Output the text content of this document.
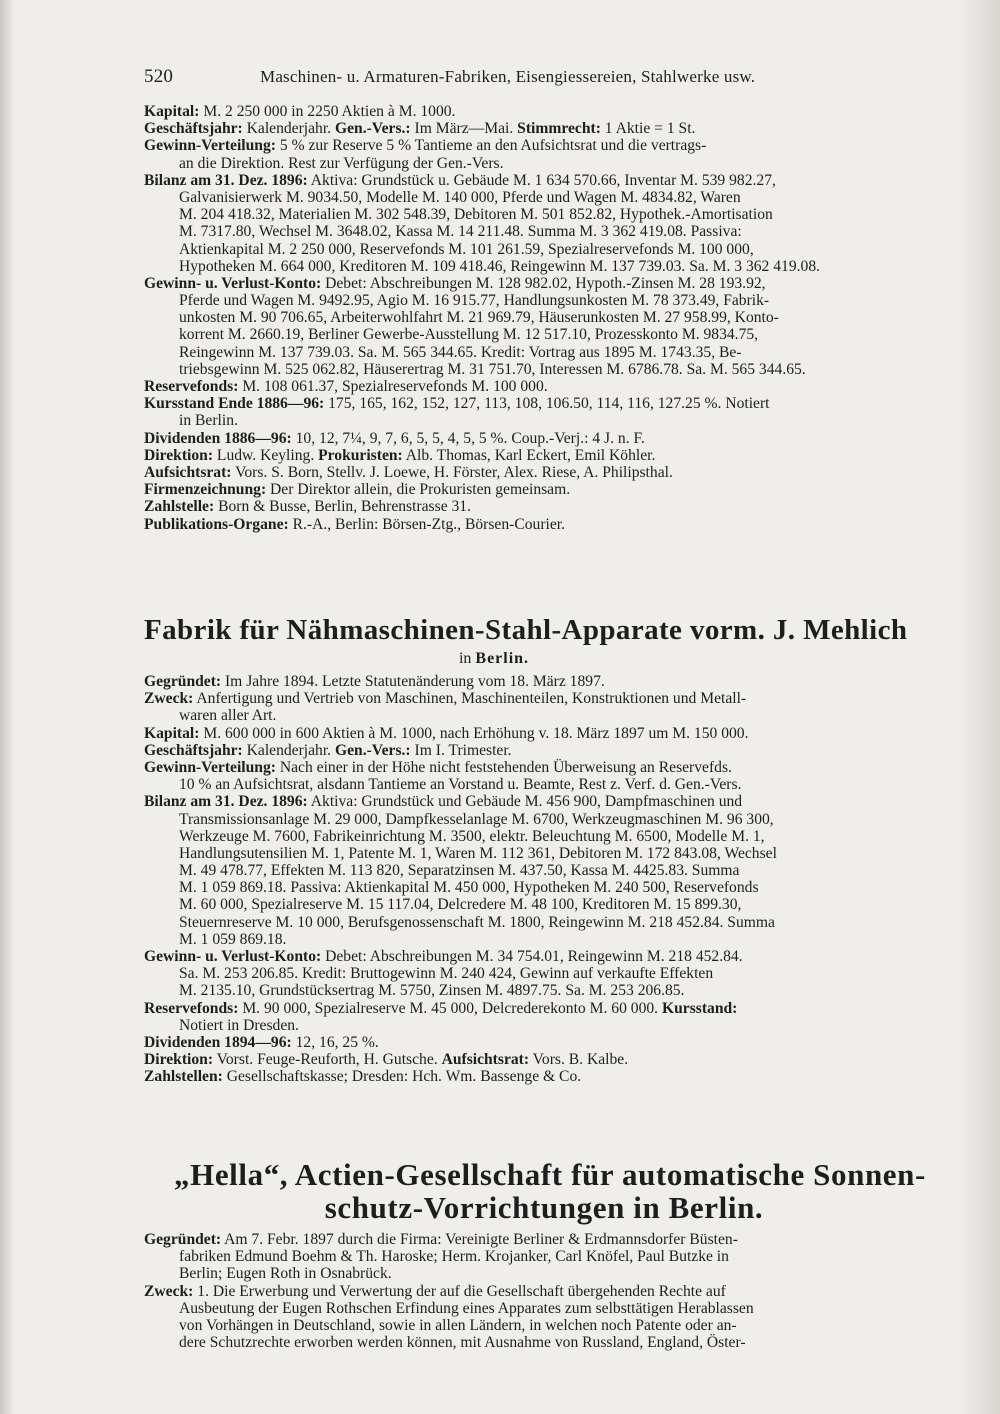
520	Maschinen- u. Armaturen-Fabriken, Eisengiessereien, Stahlwerke usw.
Kapital: M. 2 250 000 in 2250 Aktien à M. 1000.
Geschäftsjahr: Kalenderjahr. Gen.-Vers.: Im März—Mai. Stimmrecht: 1 Aktie = 1 St.
Gewinn-Verteilung: 5 % zur Reserve 5 % Tantieme an den Aufsichtsrat und die vertrags-
an die Direktion. Rest zur Verfügung der Gen.-Vers.
Bilanz am 31. Dez. 1896: Aktiva: Grundstück u. Gebäude M. 1 634 570.66, Inventar M. 539 982.27,
Galvanisierwerk M. 9034.50, Modelle M. 140 000, Pferde und Wagen M. 4834.82, Waren
M. 204 418.32, Materialien M. 302 548.39, Debitoren M. 501 852.82, Hypothek.-Amortisation
M. 7317.80, Wechsel M. 3648.02, Kassa M. 14 211.48. Summa M. 3 362 419.08. Passiva:
Aktienkapital M. 2 250 000, Reservefonds M. 101 261.59, Spezialreservefonds M. 100 000,
Hypotheken M. 664 000, Kreditoren M. 109 418.46, Reingewinn M. 137 739.03. Sa. M. 3 362 419.08.
Gewinn- u. Verlust-Konto: Debet: Abschreibungen M. 128 982.02, Hypoth.-Zinsen M. 28 193.92,
Pferde und Wagen M. 9492.95, Agio M. 16 915.77, Handlungsunkosten M. 78 373.49, Fabrik-
unkosten M. 90 706.65, Arbeiterwohlfahrt M. 21 969.79, Häuserunkosten M. 27 958.99, Konto-
korrent M. 2660.19, Berliner Gewerbe-Ausstellung M. 12 517.10, Prozesskonto M. 9834.75,
Reingewinn M. 137 739.03. Sa. M. 565 344.65. Kredit: Vortrag aus 1895 M. 1743.35, Be-
triebsgewinn M. 525 062.82, Häuserertrag M. 31 751.70, Interessen M. 6786.78. Sa. M. 565 344.65.
Reservefonds: M. 108 061.37, Spezialreservefonds M. 100 000.
Kursstand Ende 1886—96: 175, 165, 162, 152, 127, 113, 108, 106.50, 114, 116, 127.25 %. Notiert
in Berlin.
Dividenden 1886—96: 10, 12, 7¼, 9, 7, 6, 5, 5, 4, 5, 5 %. Coup.-Verj.: 4 J. n. F.
Direktion: Ludw. Keyling. Prokuristen: Alb. Thomas, Karl Eckert, Emil Köhler.
Aufsichtsrat: Vors. S. Born, Stellv. J. Loewe, H. Förster, Alex. Riese, A. Philipsthal.
Firmenzeichnung: Der Direktor allein, die Prokuristen gemeinsam.
Zahlstelle: Born & Busse, Berlin, Behrenstrasse 31.
Publikations-Organe: R.-A., Berlin: Börsen-Ztg., Börsen-Courier.
Fabrik für Nähmaschinen-Stahl-Apparate vorm. J. Mehlich
in Berlin.
Gegründet: Im Jahre 1894. Letzte Statutenänderung vom 18. März 1897.
Zweck: Anfertigung und Vertrieb von Maschinen, Maschinenteilen, Konstruktionen und Metall-
waren aller Art.
Kapital: M. 600 000 in 600 Aktien à M. 1000, nach Erhöhung v. 18. März 1897 um M. 150 000.
Geschäftsjahr: Kalenderjahr. Gen.-Vers.: Im I. Trimester.
Gewinn-Verteilung: Nach einer in der Höhe nicht feststehenden Überweisung an Reservefds.
10 % an Aufsichtsrat, alsdann Tantieme an Vorstand u. Beamte, Rest z. Verf. d. Gen.-Vers.
Bilanz am 31. Dez. 1896: Aktiva: Grundstück und Gebäude M. 456 900, Dampfmaschinen und
Transmissionsanlage M. 29 000, Dampfkesselanlage M. 6700, Werkzeugmaschinen M. 96 300,
Werkzeuge M. 7600, Fabrikeinrichtung M. 3500, elektr. Beleuchtung M. 6500, Modelle M. 1,
Handlungsutensilien M. 1, Patente M. 1, Waren M. 112 361, Debitoren M. 172 843.08, Wechsel
M. 49 478.77, Effekten M. 113 820, Separatzinsen M. 437.50, Kassa M. 4425.83. Summa
M. 1 059 869.18. Passiva: Aktienkapital M. 450 000, Hypotheken M. 240 500, Reservefonds
M. 60 000, Spezialreserve M. 15 117.04, Delcredere M. 48 100, Kreditoren M. 15 899.30,
Steuernreserve M. 10 000, Berufsgenossenschaft M. 1800, Reingewinn M. 218 452.84. Summa
M. 1 059 869.18.
Gewinn- u. Verlust-Konto: Debet: Abschreibungen M. 34 754.01, Reingewinn M. 218 452.84.
Sa. M. 253 206.85. Kredit: Bruttogewinn M. 240 424, Gewinn auf verkaufte Effekten
M. 2135.10, Grundstücksertrag M. 5750, Zinsen M. 4897.75. Sa. M. 253 206.85.
Reservefonds: M. 90 000, Spezialreserve M. 45 000, Delcrederekonto M. 60 000. Kursstand:
Notiert in Dresden.
Dividenden 1894—96: 12, 16, 25 %.
Direktion: Vorst. Feuge-Reuforth, H. Gutsche. Aufsichtsrat: Vors. B. Kalbe.
Zahlstellen: Gesellschaftskasse; Dresden: Hch. Wm. Bassenge & Co.
„Hella“, Actien-Gesellschaft für automatische Sonnen-
schutz-Vorrichtungen in Berlin.
Gegründet: Am 7. Febr. 1897 durch die Firma: Vereinigte Berliner & Erdmannsdorfer Büsten-
fabriken Edmund Boehm & Th. Haroske; Herm. Krojanker, Carl Knöfel, Paul Butzke in
Berlin; Eugen Roth in Osnabrück.
Zweck: 1. Die Erwerbung und Verwertung der auf die Gesellschaft übergehenden Rechte auf
Ausbeutung der Eugen Rothschen Erfindung eines Apparates zum selbsttätigen Herablassen
von Vorhängen in Deutschland, sowie in allen Ländern, in welchen noch Patente oder an-
dere Schutzrechte erworben werden können, mit Ausnahme von Russland, England, Öster-
